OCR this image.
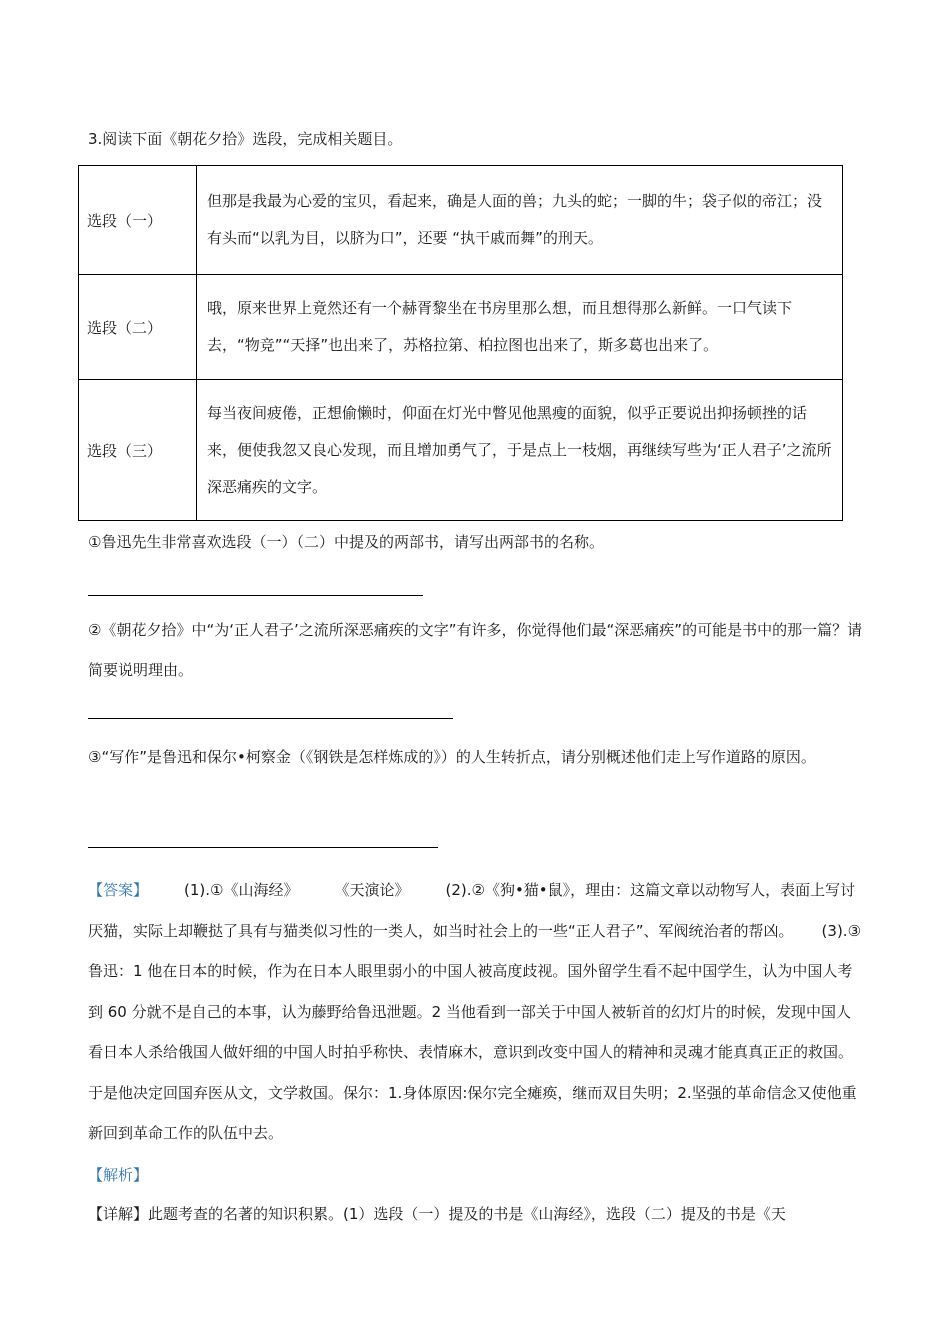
3.阅读下面《朝花夕拾》选段，完成相关题目。
选段（一）	但那是我最为心爱的宝贝，看起来，确是人面的兽；九头的蛇；一脚的牛；袋子似的帝江；没有头而“以乳为目，以脐为口”，还要 “执干戚而舞”的刑天。
选段（二）	哦，原来世界上竟然还有一个赫胥黎坐在书房里那么想，而且想得那么新鲜。一口气读下去，“物竞”“天择”也出来了，苏格拉第、柏拉图也出来了，斯多葛也出来了。
选段（三）	每当夜间疲倦，正想偷懒时，仰面在灯光中瞥见他黑瘦的面貌，似乎正要说出抑扬顿挫的话来，便使我忽又良心发现，而且增加勇气了，于是点上一枝烟，再继续写些为‘正人君子’之流所深恶痛疾的文字。
①鲁迅先生非常喜欢选段（一）（二）中提及的两部书，请写出两部书的名称。
②《朝花夕拾》中“为‘正人君子’之流所深恶痛疾的文字”有许多，你觉得他们最“深恶痛疾”的可能是书中的那一篇？请简要说明理由。
③“写作”是鲁迅和保尔•柯察金（《钢铁是怎样炼成的》）的人生转折点，请分别概述他们走上写作道路的原因。
【答案】 (1).①《山海经》 《天演论》 (2).②《狗•猫•鼠》，理由：这篇文章以动物写人，表面上写讨厌猫，实际上却鞭挞了具有与猫类似习性的一类人，如当时社会上的一些“正人君子”、军阀统治者的帮凶。 (3).③鲁迅：1 他在日本的时候，作为在日本人眼里弱小的中国人被高度歧视。国外留学生看不起中国学生，认为中国人考到 60 分就不是自己的本事，认为藤野给鲁迅泄题。2 当他看到一部关于中国人被斩首的幻灯片的时候，发现中国人看日本人杀给俄国人做奸细的中国人时拍乎称快、表情麻木，意识到改变中国人的精神和灵魂才能真真正正的救国。于是他决定回国弃医从文，文学救国。保尔：1.身体原因:保尔完全瘫痪，继而双目失明；2.坚强的革命信念又使他重新回到革命工作的队伍中去。
【解析】
【详解】此题考查的名著的知识积累。(1）选段（一）提及的书是《山海经》，选段（二）提及的书是《天
